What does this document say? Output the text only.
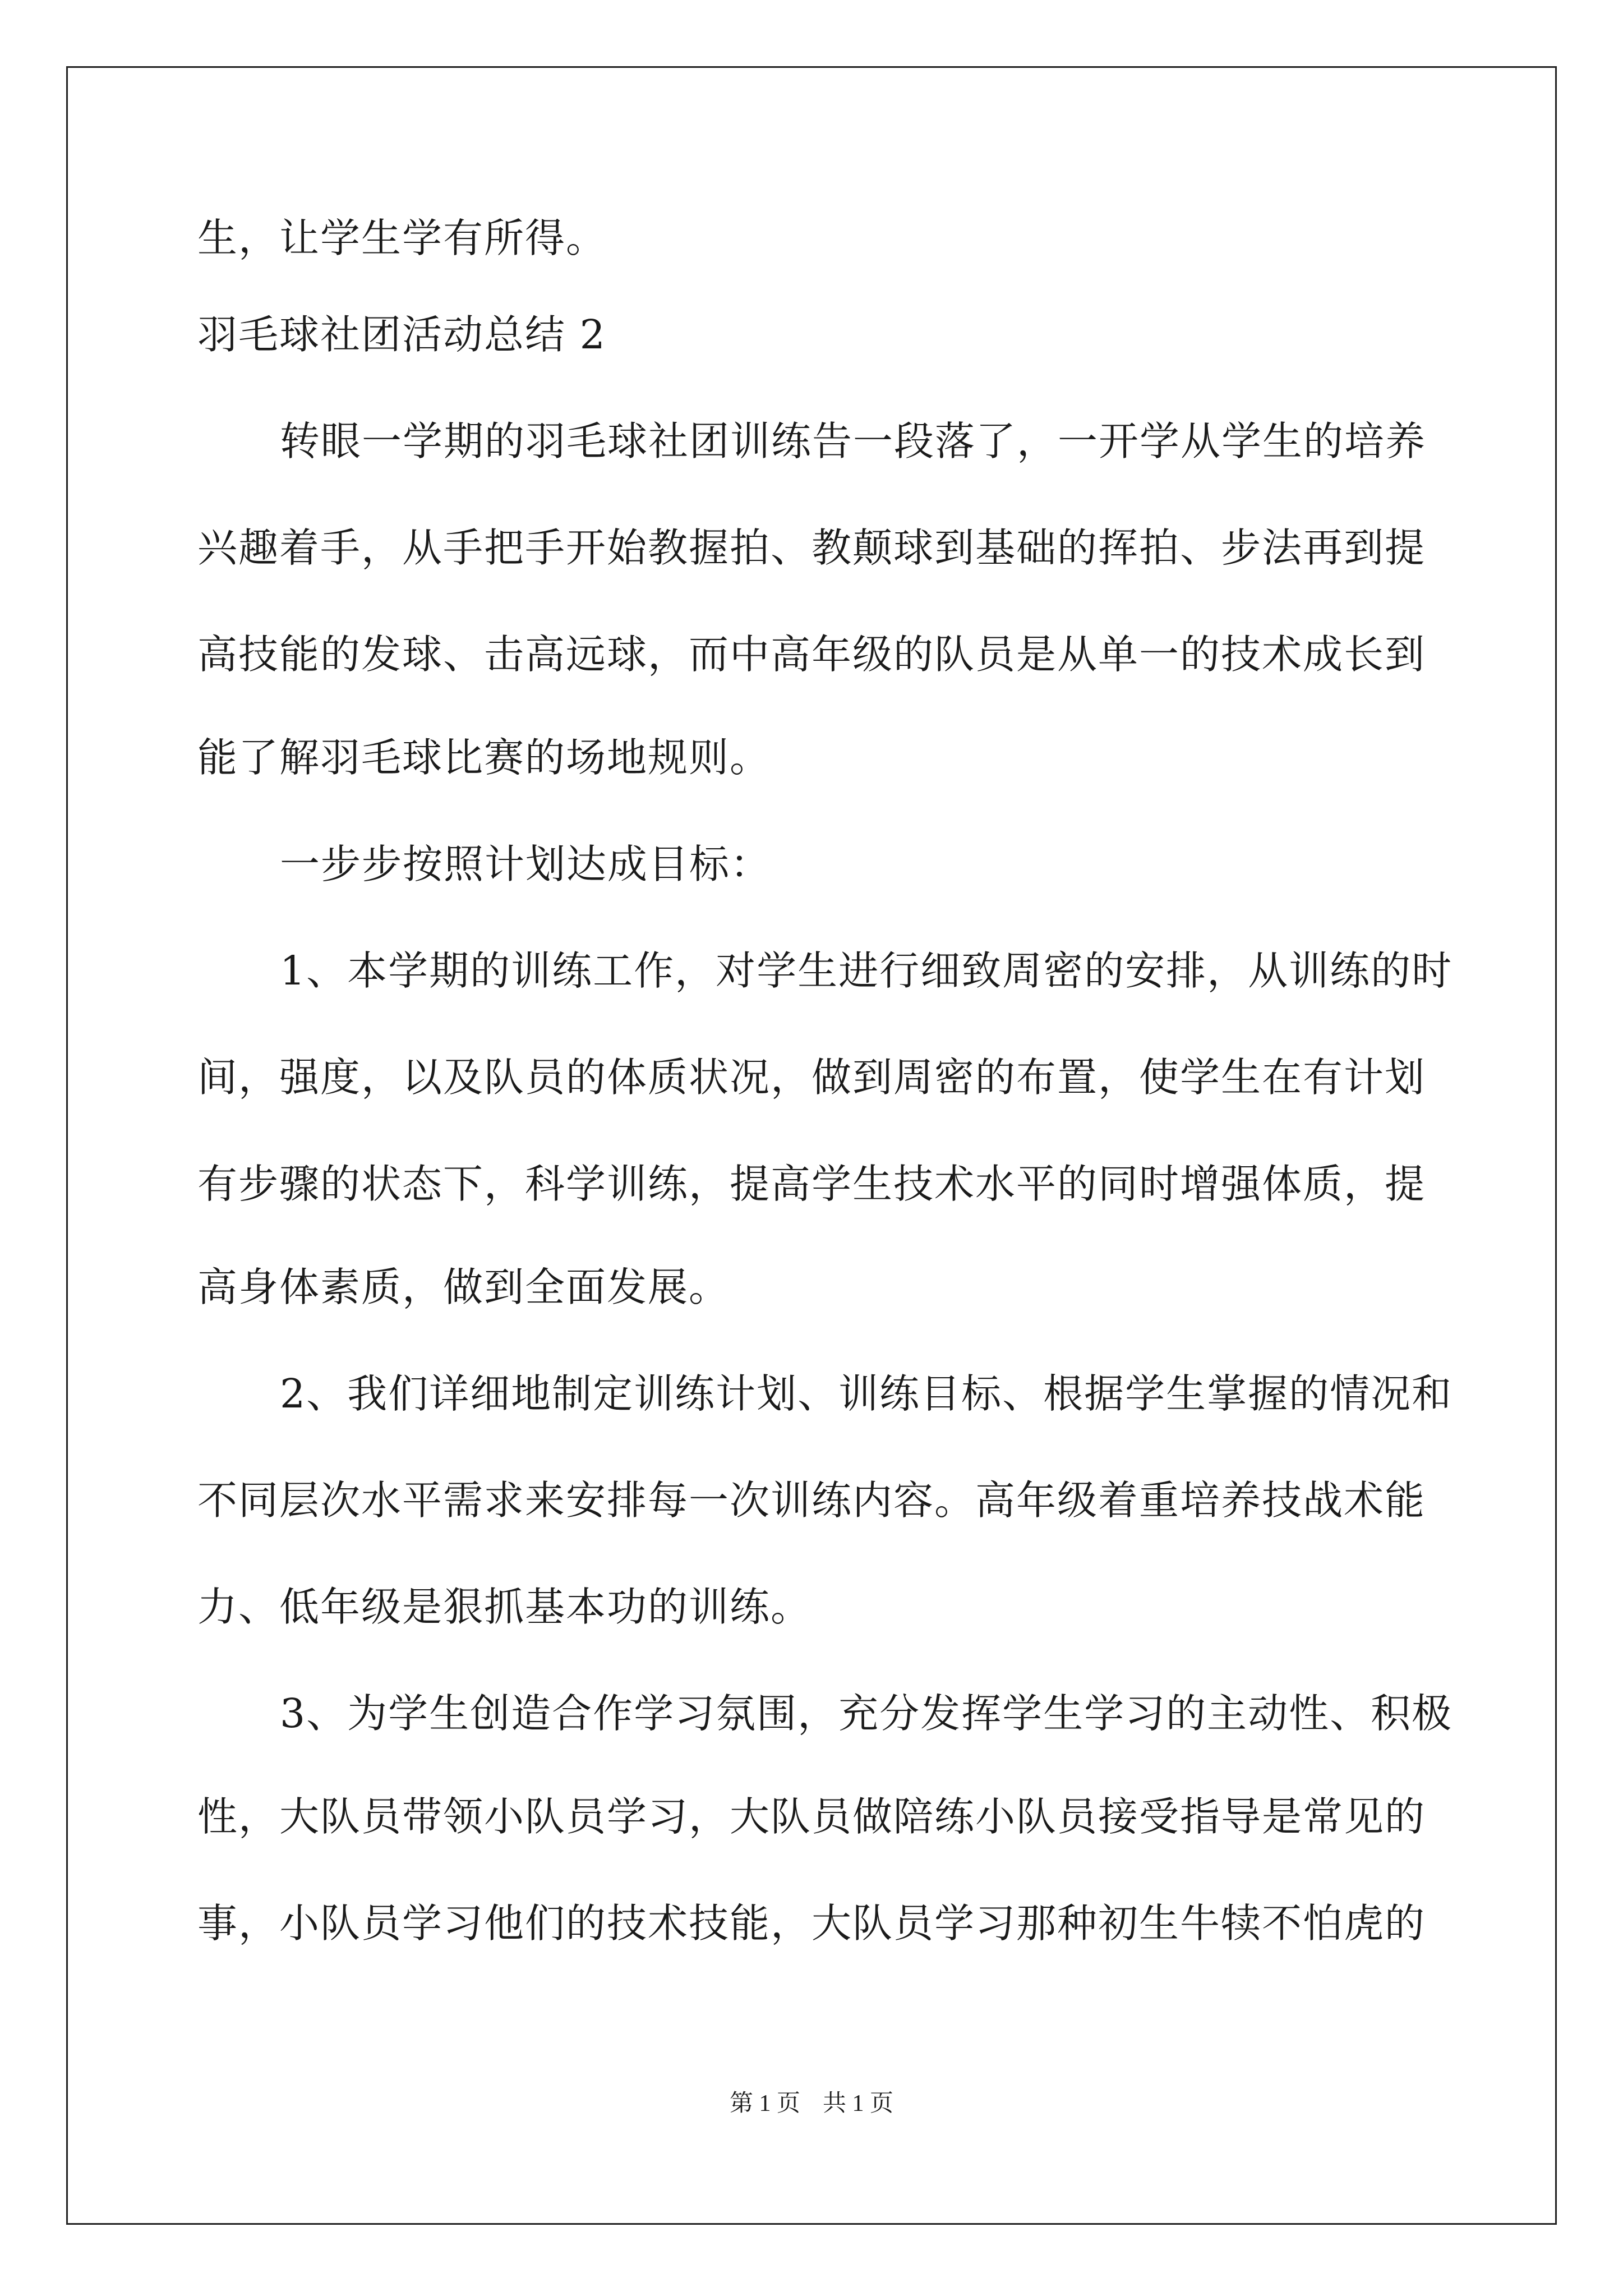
生，让学生学有所得。
羽毛球社团活动总结 2
转眼一学期的羽毛球社团训练告一段落了，一开学从学生的培养
兴趣着手，从手把手开始教握拍、教颠球到基础的挥拍、步法再到提
高技能的发球、击高远球，而中高年级的队员是从单一的技术成长到
能了解羽毛球比赛的场地规则。
一步步按照计划达成目标：
1、本学期的训练工作，对学生进行细致周密的安排，从训练的时
间，强度，以及队员的体质状况，做到周密的布置，使学生在有计划
有步骤的状态下，科学训练，提高学生技术水平的同时增强体质，提
高身体素质，做到全面发展。
2、我们详细地制定训练计划、训练目标、根据学生掌握的情况和
不同层次水平需求来安排每一次训练内容。高年级着重培养技战术能
力、低年级是狠抓基本功的训练。
3、为学生创造合作学习氛围，充分发挥学生学习的主动性、积极
性，大队员带领小队员学习，大队员做陪练小队员接受指导是常见的
事，小队员学习他们的技术技能，大队员学习那种初生牛犊不怕虎的
第 1 页 共 1 页
